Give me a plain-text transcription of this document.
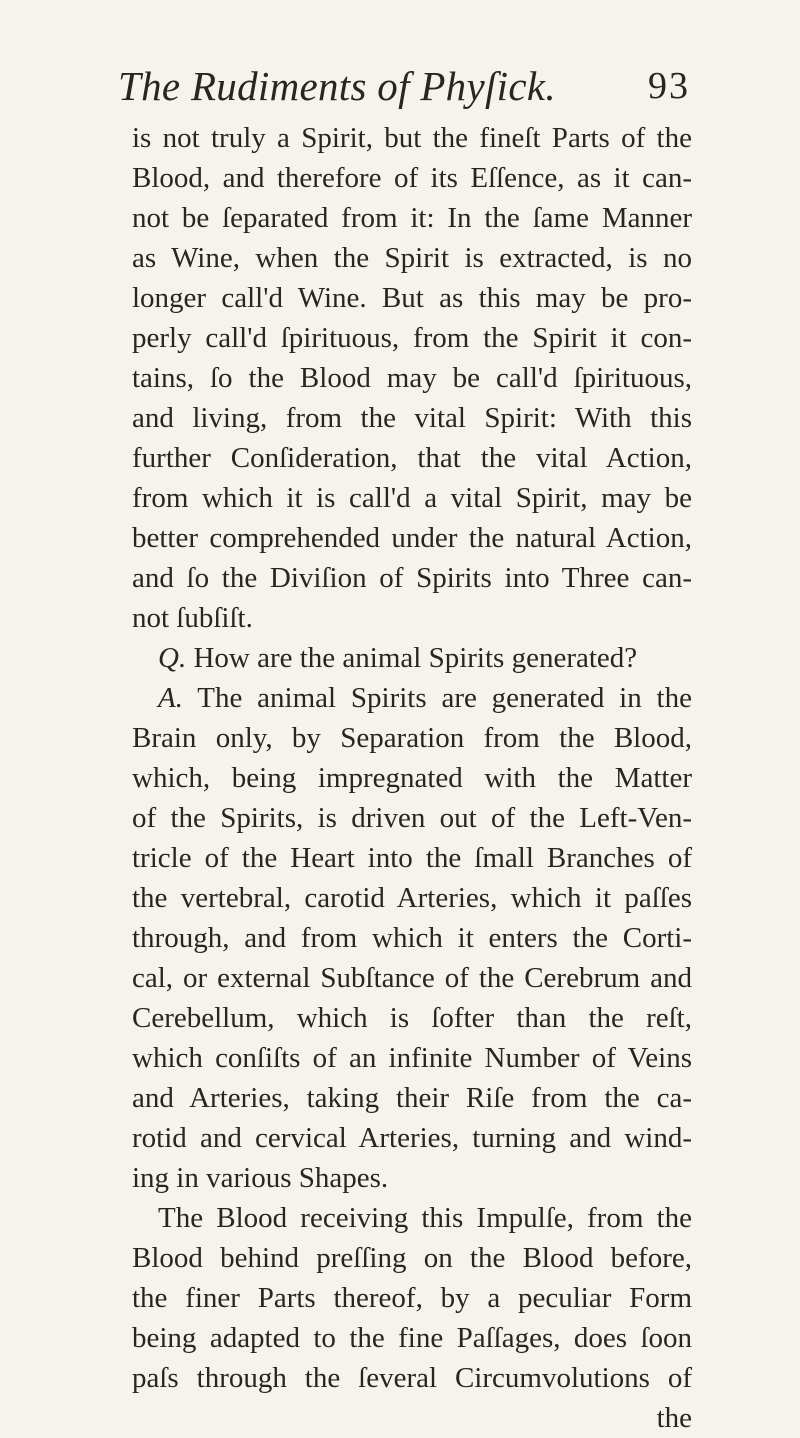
The Rudiments of Phyſick. 93
is not truly a Spirit, but the fineſt Parts of the
Blood, and therefore of its Eſſence, as it can-
not be ſeparated from it: In the ſame Manner
as Wine, when the Spirit is extracted, is no
longer call'd Wine. But as this may be pro-
perly call'd ſpirituous, from the Spirit it con-
tains, ſo the Blood may be call'd ſpirituous,
and living, from the vital Spirit: With this
further Conſideration, that the vital Action,
from which it is call'd a vital Spirit, may be
better comprehended under the natural Action,
and ſo the Diviſion of Spirits into Three can-
not ſubſiſt.
Q. How are the animal Spirits generated?
A. The animal Spirits are generated in the
Brain only, by Separation from the Blood,
which, being impregnated with the Matter
of the Spirits, is driven out of the Left-Ven-
tricle of the Heart into the ſmall Branches of
the vertebral, carotid Arteries, which it paſſes
through, and from which it enters the Corti-
cal, or external Subſtance of the Cerebrum and
Cerebellum, which is ſofter than the reſt,
which conſiſts of an infinite Number of Veins
and Arteries, taking their Riſe from the ca-
rotid and cervical Arteries, turning and wind-
ing in various Shapes.
The Blood receiving this Impulſe, from the
Blood behind preſſing on the Blood before,
the finer Parts thereof, by a peculiar Form
being adapted to the fine Paſſages, does ſoon
paſs through the ſeveral Circumvolutions of
the
